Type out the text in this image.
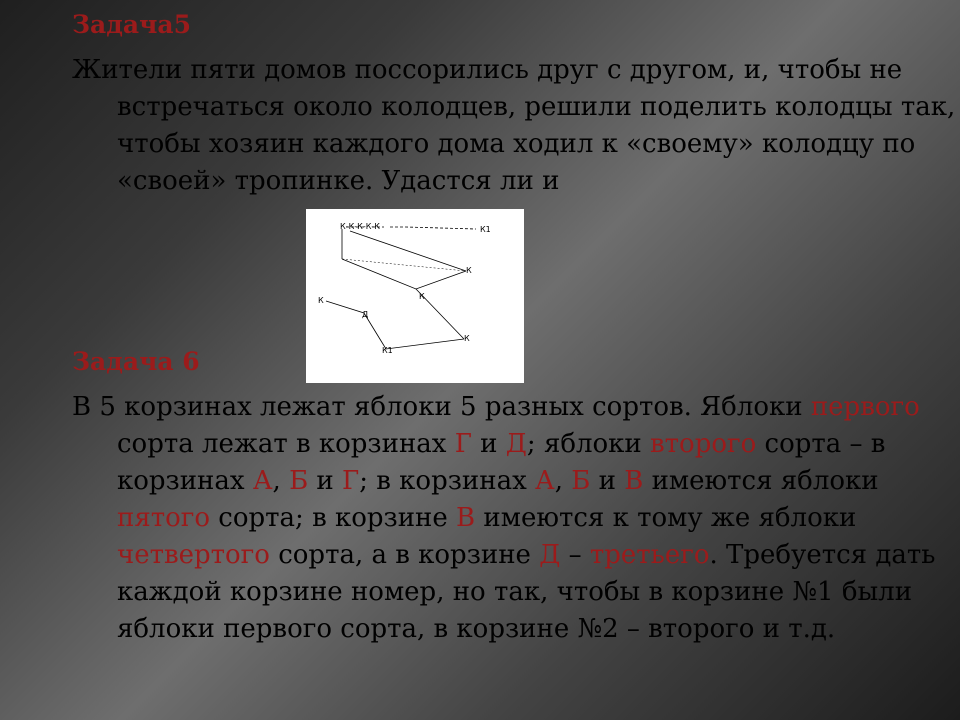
Задача5
Жители пяти домов поссорились друг с другом, и, чтобы не встречаться около колодцев, решили поделить колодцы так, чтобы хозяин каждого дома ходил к «своему» колодцу по «своей» тропинке. Удастся ли и
К-К-К-К-К	К1
К
К
Д
К
К1
К
Задача 6
В 5 корзинах лежат яблоки 5 разных сортов. Яблоки первого сорта лежат в корзинах Г и Д; яблоки второго сорта – в корзинах А, Б и Г; в корзинах А, Б и В имеются яблоки пятого сорта; в корзине В имеются к тому же яблоки четвертого сорта, а в корзине Д – третьего. Требуется дать каждой корзине номер, но так, чтобы в корзине №1 были яблоки первого сорта, в корзине №2 – второго и т.д.
